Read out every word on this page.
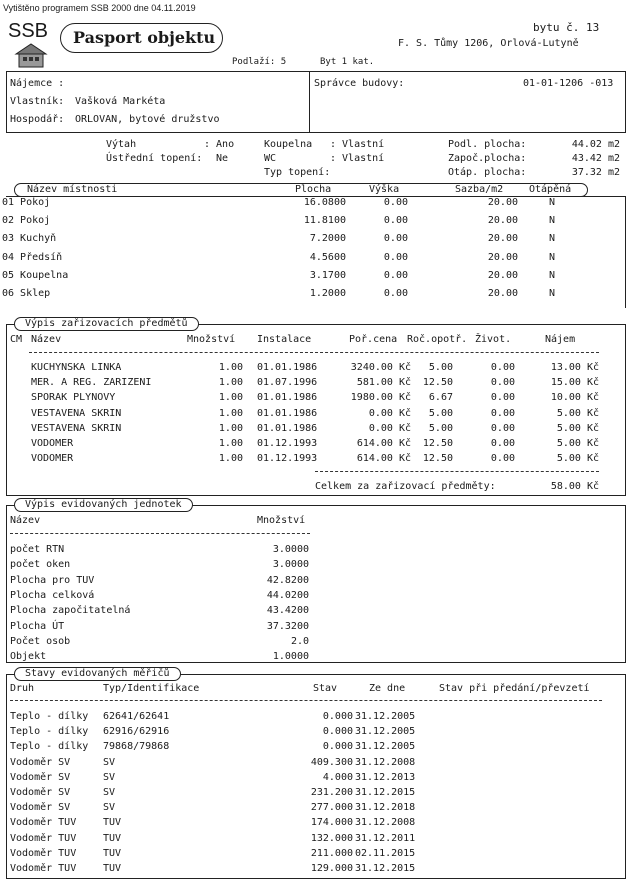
Vytištěno programem SSB 2000 dne 04.11.2019
SSB Pasport objektu
bytu č. 13
F. S. Tůmy 1206, Orlová-Lutyně
Podlaží: 5	Byt 1 kat.
Nájemce :
Vlastník: Vašková Markéta
Hospodář: ORLOVAN, bytové družstvo
Správce budovy:	01-01-1206 -013
Výtah	: Ano
Ústřední topení: Ne
Koupelna : Vlastní
WC	: Vlastní
Typ topení:
Podl. plocha:	44.02 m2
Započ.plocha:	43.42 m2
Otáp. plocha:	37.32 m2
Název místnosti	Plocha	Výška	Sazba/m2	Otápěná
01 Pokoj	16.0800	0.00	20.00	N
02 Pokoj	11.8100	0.00	20.00	N
03 Kuchyň	7.2000	0.00	20.00	N
04 Předsíň	4.5600	0.00	20.00	N
05 Koupelna	3.1700	0.00	20.00	N
06 Sklep	1.2000	0.00	20.00	N
CM Název	Množství Instalace	Poř.cena Roč.opotř. Život.	Nájem
KUCHYNSKA LINKA	1.00 01.01.1986	3240.00 Kč	5.00	0.00	13.00 Kč
MER. A REG. ZARIZENI	1.00 01.07.1996	581.00 Kč	12.50	0.00	15.00 Kč
SPORAK PLYNOVY	1.00 01.01.1986	1980.00 Kč	6.67	0.00	10.00 Kč
VESTAVENA SKRIN	1.00 01.01.1986	0.00 Kč	5.00	0.00	5.00 Kč
VESTAVENA SKRIN	1.00 01.01.1986	0.00 Kč	5.00	0.00	5.00 Kč
VODOMER	1.00 01.12.1993	614.00 Kč	12.50	0.00	5.00 Kč
VODOMER	1.00 01.12.1993	614.00 Kč	12.50	0.00	5.00 Kč
Celkem za zařizovací předměty:	58.00 Kč
Výpis zařizovacích předmětů
Název	Množství
počet RTN	3.0000
počet oken	3.0000
Plocha pro TUV	42.8200
Plocha celková	44.0200
Plocha započitatelná	43.4200
Plocha ÚT	37.3200
Počet osob	2.0
Objekt	1.0000
Výpis evidovaných jednotek
Druh	Typ/Identifikace	Stav	Ze dne	Stav při předání/převzetí
Teplo - dílky 62641/62641	0.000 31.12.2005
Teplo - dílky 62916/62916	0.000 31.12.2005
Teplo - dílky 79868/79868	0.000 31.12.2005
Vodoměr SV	SV	409.300 31.12.2008
Vodoměr SV	SV	4.000 31.12.2013
Vodoměr SV	SV	231.200 31.12.2015
Vodoměr SV	SV	277.000 31.12.2018
Vodoměr TUV	TUV	174.000 31.12.2008
Vodoměr TUV	TUV	132.000 31.12.2011
Vodoměr TUV	TUV	211.000 02.11.2015
Vodoměr TUV	TUV	129.000 31.12.2015
Stavy evidovaných měřičů
